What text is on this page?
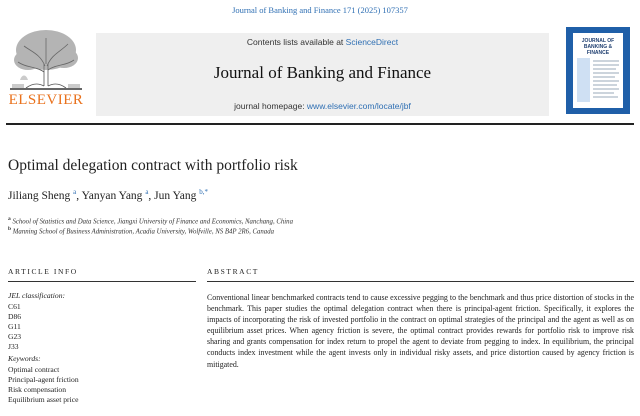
Journal of Banking and Finance 171 (2025) 107357
ELSEVIER
Contents lists available at ScienceDirect
Journal of Banking and Finance
journal homepage: www.elsevier.com/locate/jbf
JOURNAL OF
BANKING &
FINANCE
Optimal delegation contract with portfolio risk
Jiliang Sheng $^a$, Yanyan Yang $^a$, Jun Yang $^{b,*}$
$^a$ School of Statistics and Data Science, Jiangxi University of Finance and Economics, Nanchang, China
$^b$ Manning School of Business Administration, Acadia University, Wolfville, NS B4P 2R6, Canada
ARTICLE INFO	ABSTRACT
JEL classification:
C61
D86
G11
G23
J33
Keywords:
Optimal contract
Principal-agent friction
Risk compensation
Equilibrium asset price

Conventional linear benchmarked contracts tend to cause excessive pegging to the benchmark and thus price distortion of stocks in the benchmark. This paper studies the optimal delegation contract when there is principal-agent friction. Specifically, it explores the impacts of incorporating the risk of invested portfolio in the contract on optimal strategies of the principal and the agent as well as on equilibrium asset prices. When agency friction is severe, the optimal contract provides rewards for portfolio risk to improve risk sharing and grants compensation for index return to propel the agent to deviate from pegging to index. In equilibrium, the principal conducts index investment while the agent invests only in individual risky assets, and price distortion caused by agency friction is mitigated.
